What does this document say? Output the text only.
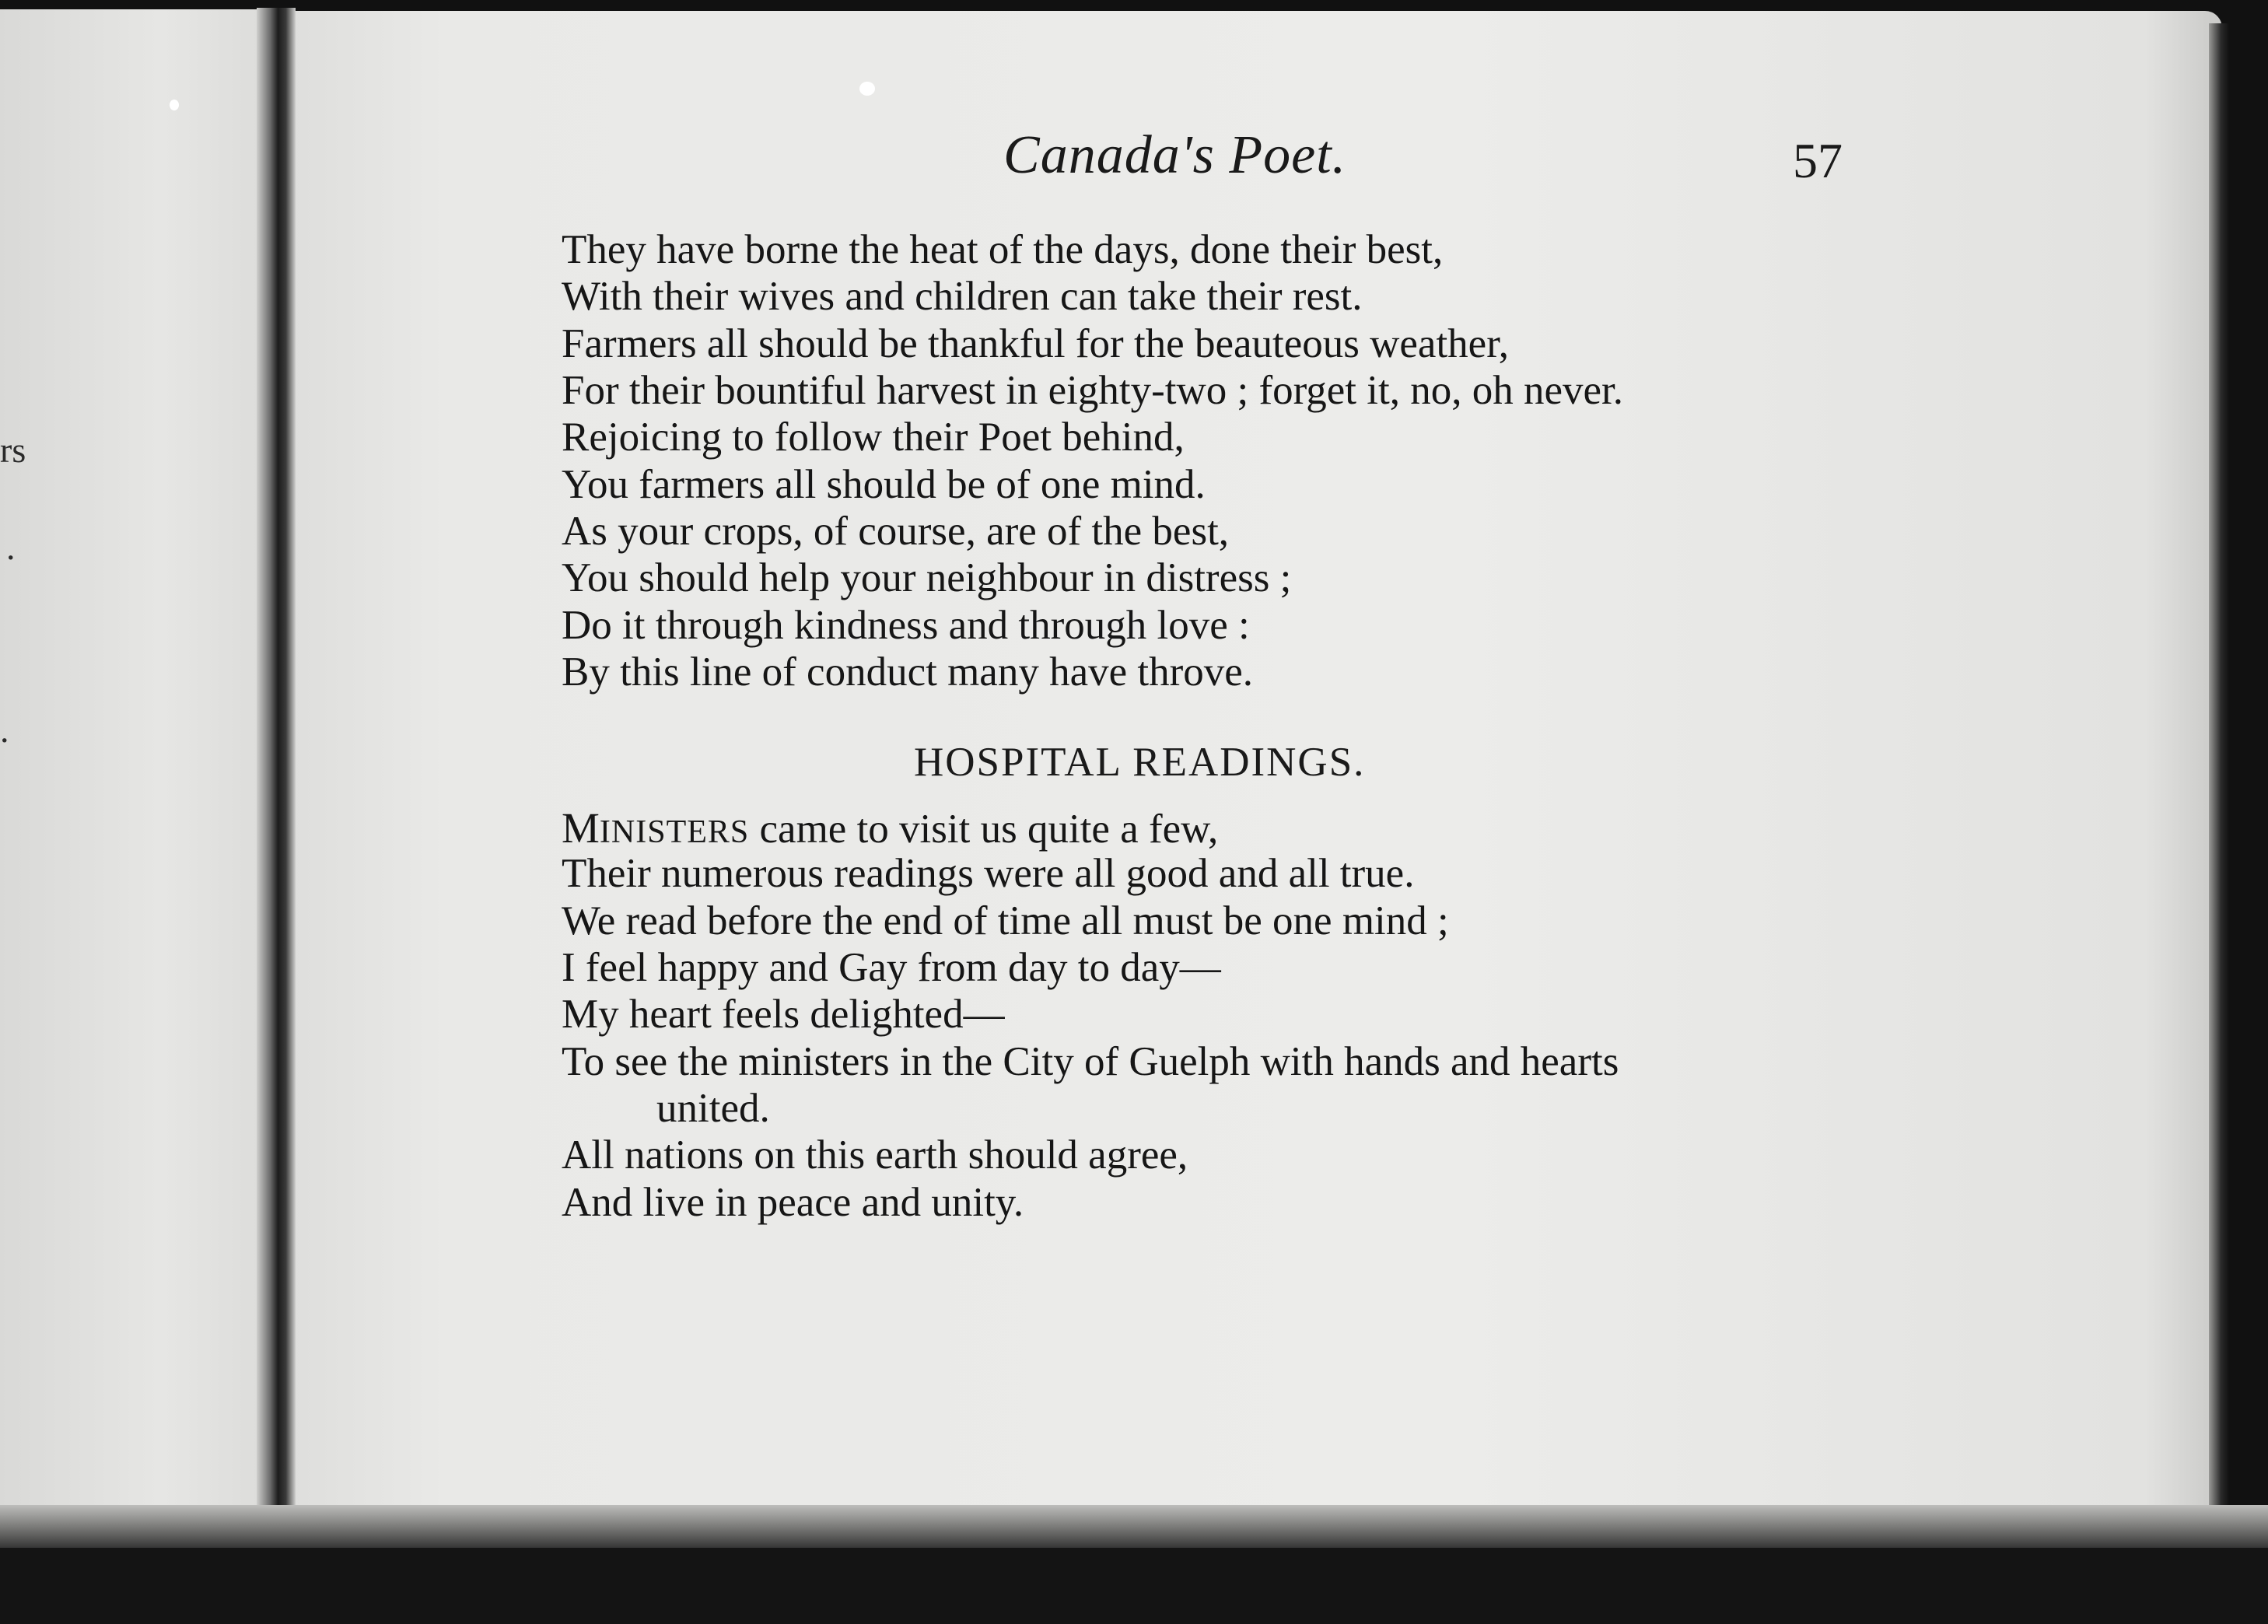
rs
.
.
Canada's Poet.	57
They have borne the heat of the days, done their best,
With their wives and children can take their rest.
Farmers all should be thankful for the beauteous weather,
For their bountiful harvest in eighty-two ; forget it, no, oh never.
Rejoicing to follow their Poet behind,
You farmers all should be of one mind.
As your crops, of course, are of the best,
You should help your neighbour in distress ;
Do it through kindness and through love :
By this line of conduct many have throve.
HOSPITAL READINGS.
MINISTERS came to visit us quite a few,
Their numerous readings were all good and all true.
We read before the end of time all must be one mind ;
I feel happy and Gay from day to day—
My heart feels delighted—
To see the ministers in the City of Guelph with hands and hearts
united.
All nations on this earth should agree,
And live in peace and unity.
